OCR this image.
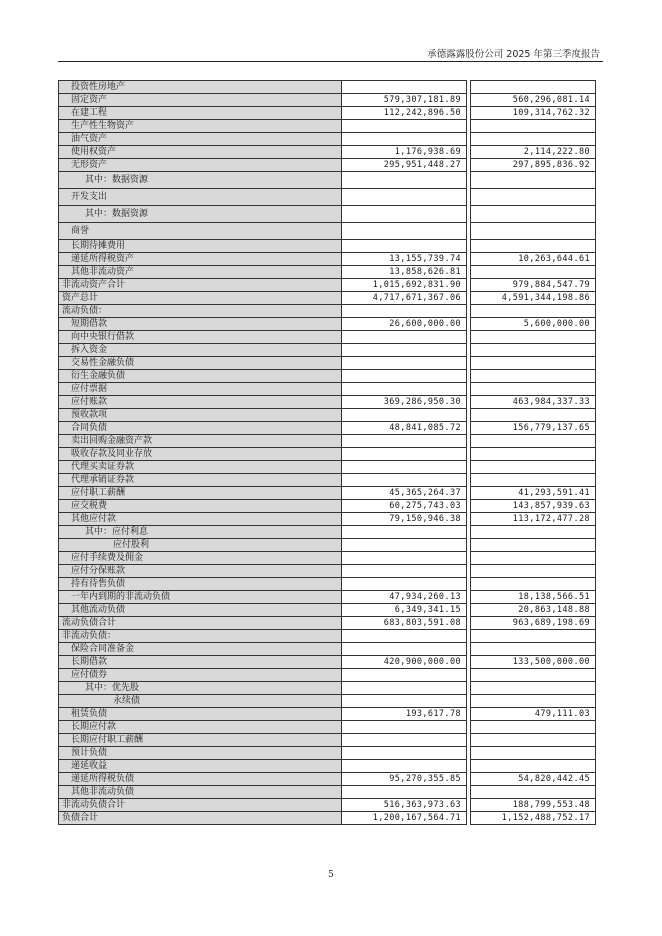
承德露露股份公司 2025 年第三季度报告
投资性房地产			
固定资产	579,307,181.89		560,296,081.14
在建工程	112,242,896.50		109,314,762.32
生产性生物资产			
油气资产			
使用权资产	1,176,938.69		2,114,222.80
无形资产	295,951,448.27		297,895,836.92
其中：数据资源			
开发支出			
其中：数据资源			
商誉			
长期待摊费用			
递延所得税资产	13,155,739.74		10,263,644.61
其他非流动资产	13,858,626.81		
非流动资产合计	1,015,692,831.90		979,884,547.79
资产总计	4,717,671,367.06		4,591,344,198.86
流动负债：			
短期借款	26,600,000.00		5,600,000.00
向中央银行借款			
拆入资金			
交易性金融负债			
衍生金融负债			
应付票据			
应付账款	369,286,950.30		463,984,337.33
预收款项			
合同负债	48,841,085.72		156,779,137.65
卖出回购金融资产款			
吸收存款及同业存放			
代理买卖证券款			
代理承销证券款			
应付职工薪酬	45,365,264.37		41,293,591.41
应交税费	60,275,743.03		143,857,939.63
其他应付款	79,150,946.38		113,172,477.28
其中：应付利息			
应付股利			
应付手续费及佣金			
应付分保账款			
持有待售负债			
一年内到期的非流动负债	47,934,260.13		18,138,566.51
其他流动负债	6,349,341.15		20,863,148.88
流动负债合计	683,803,591.08		963,689,198.69
非流动负债：			
保险合同准备金			
长期借款	420,900,000.00		133,500,000.00
应付债券			
其中：优先股			
永续债			
租赁负债	193,617.78		479,111.03
长期应付款			
长期应付职工薪酬			
预计负债			
递延收益			
递延所得税负债	95,270,355.85		54,820,442.45
其他非流动负债			
非流动负债合计	516,363,973.63		188,799,553.48
负债合计	1,200,167,564.71		1,152,488,752.17
5
